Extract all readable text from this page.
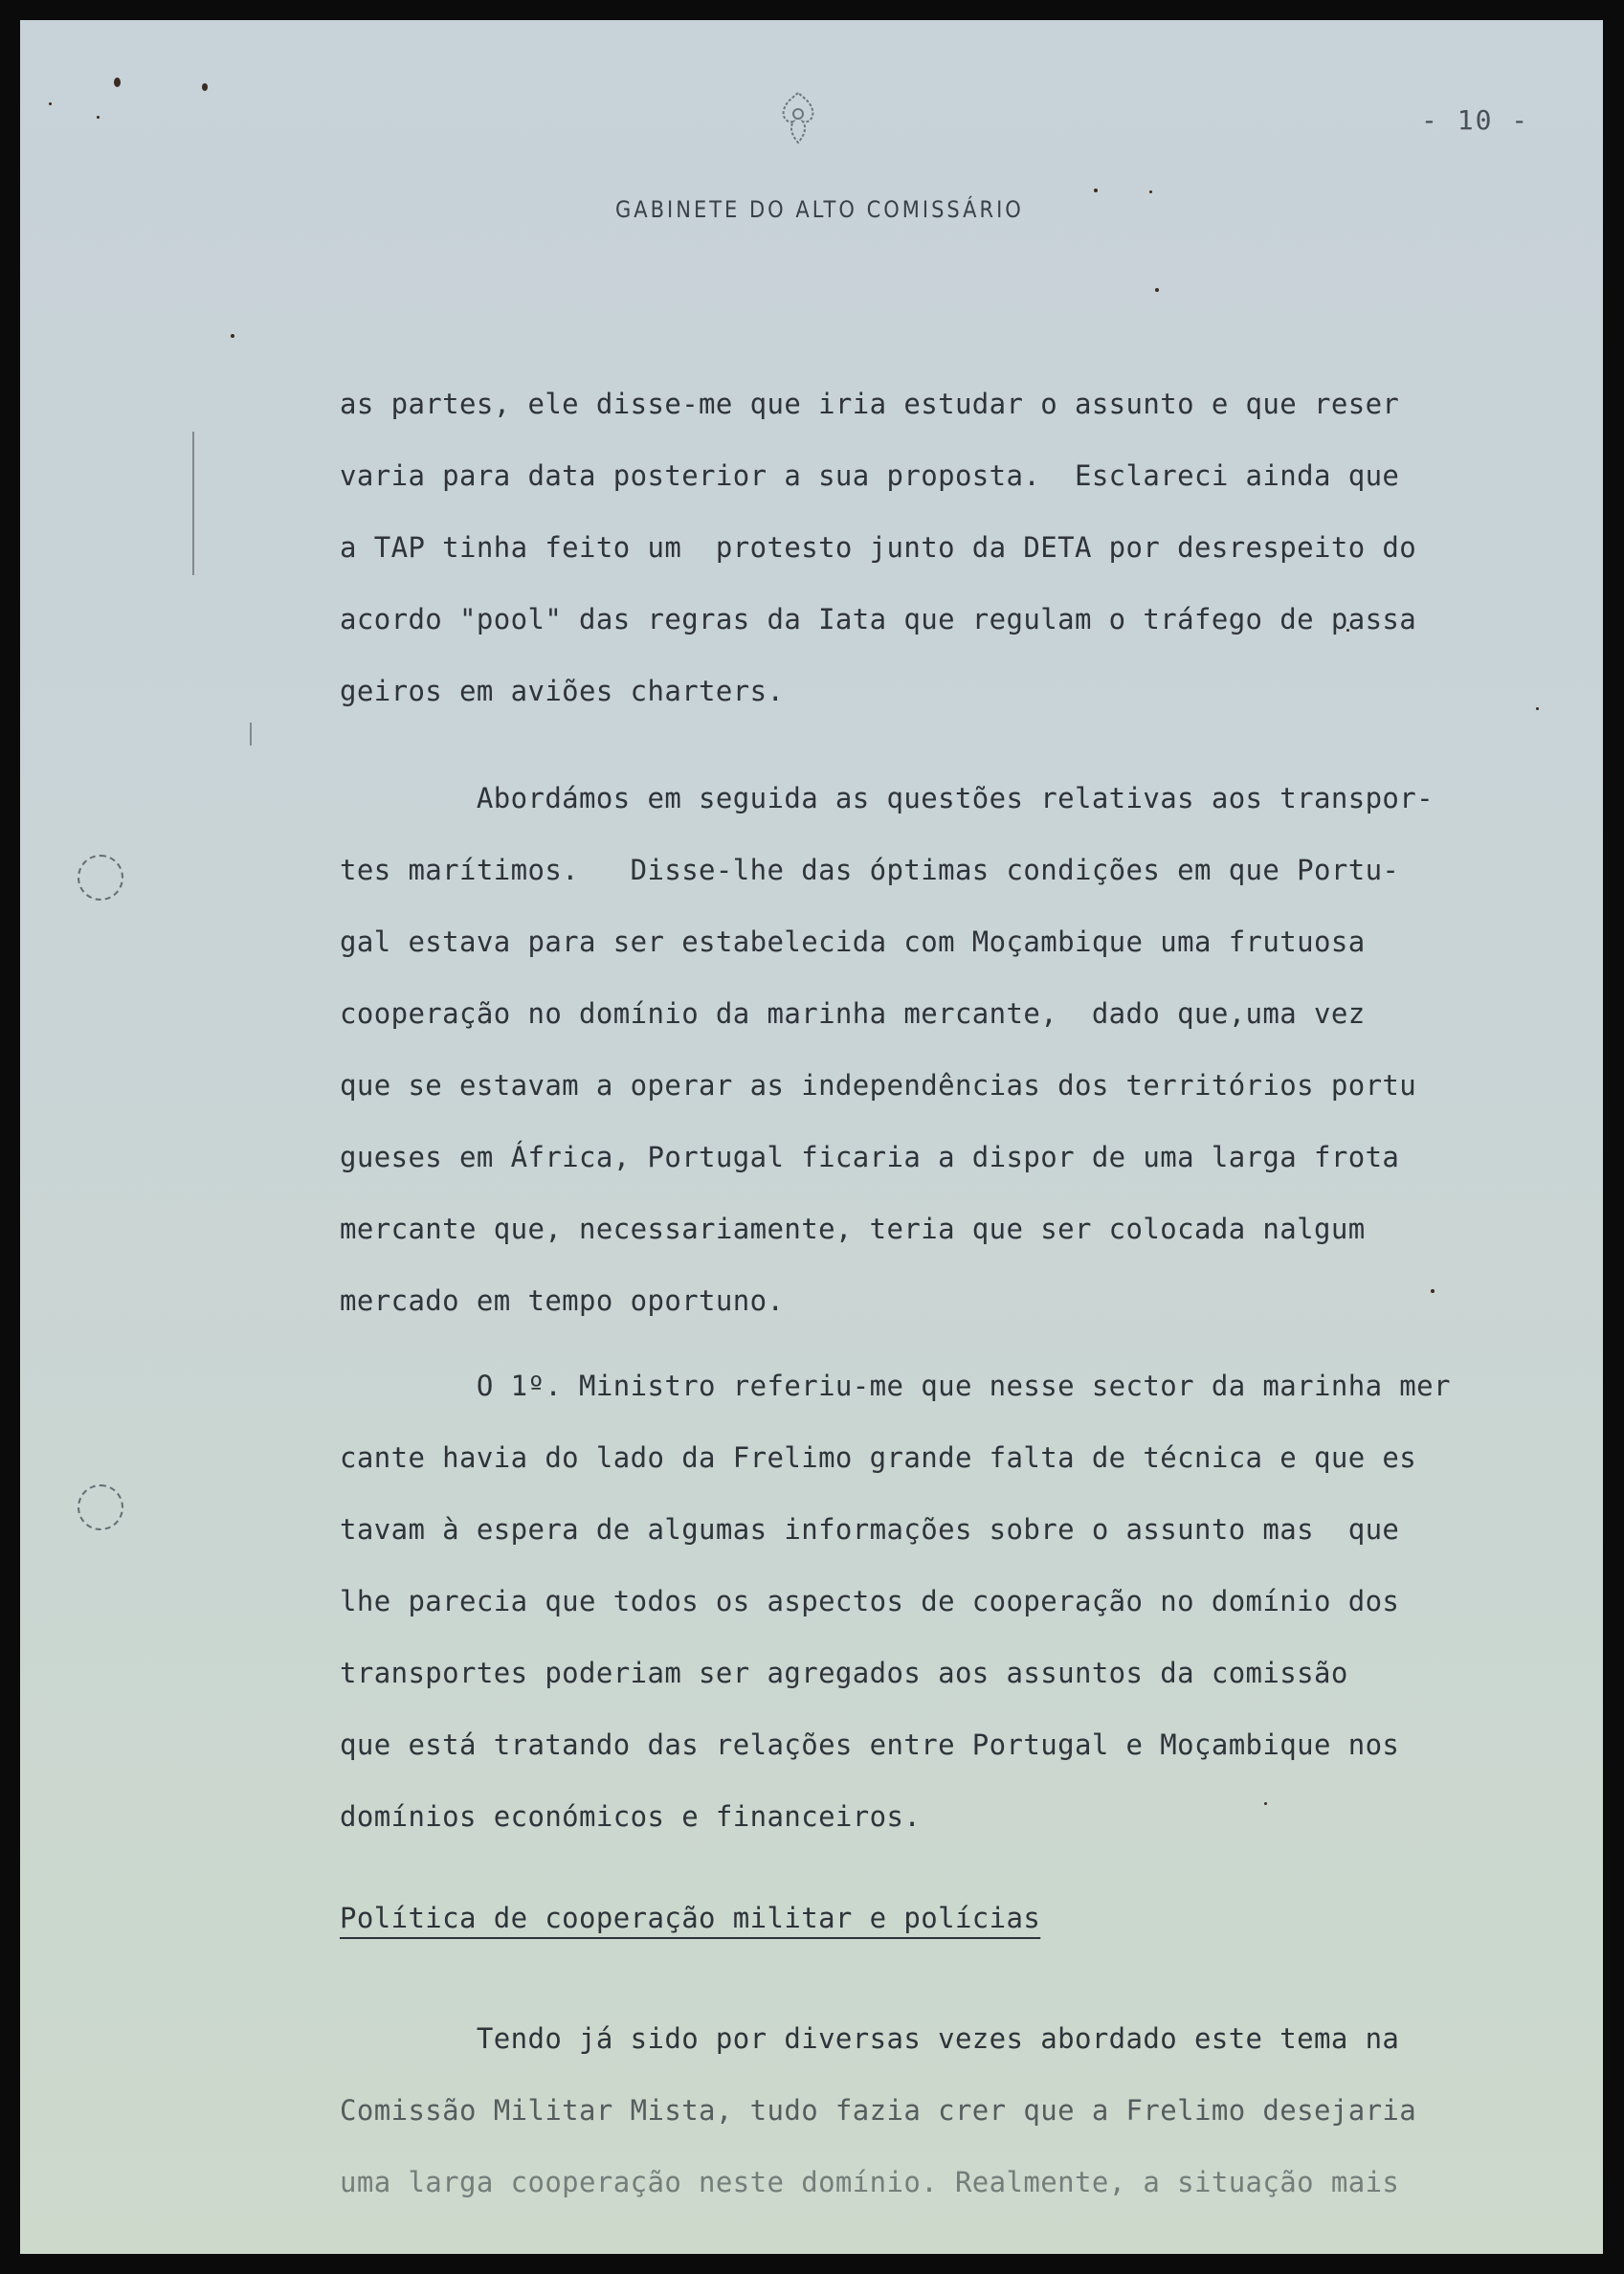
- 10 -
GABINETE DO ALTO COMISSÁRIO

as partes, ele disse-me que iria estudar o assunto e que reser
varia para data posterior a sua proposta.  Esclareci ainda que
a TAP tinha feito um  protesto junto da DETA por desrespeito do
acordo "pool" das regras da Iata que regulam o tráfego de passa
geiros em aviões charters.

Abordámos em seguida as questões relativas aos transpor-
tes marítimos.   Disse-lhe das óptimas condições em que Portu-
gal estava para ser estabelecida com Moçambique uma frutuosa
cooperação no domínio da marinha mercante,  dado que,uma vez
que se estavam a operar as independências dos territórios portu
gueses em África, Portugal ficaria a dispor de uma larga frota
mercante que, necessariamente, teria que ser colocada nalgum
mercado em tempo oportuno.

O 1º. Ministro referiu-me que nesse sector da marinha mer
cante havia do lado da Frelimo grande falta de técnica e que es
tavam à espera de algumas informações sobre o assunto mas  que
lhe parecia que todos os aspectos de cooperação no domínio dos
transportes poderiam ser agregados aos assuntos da comissão
que está tratando das relações entre Portugal e Moçambique nos
domínios económicos e financeiros.

Política de cooperação militar e polícias

Tendo já sido por diversas vezes abordado este tema na
Comissão Militar Mista, tudo fazia crer que a Frelimo desejaria
uma larga cooperação neste domínio. Realmente, a situação mais
